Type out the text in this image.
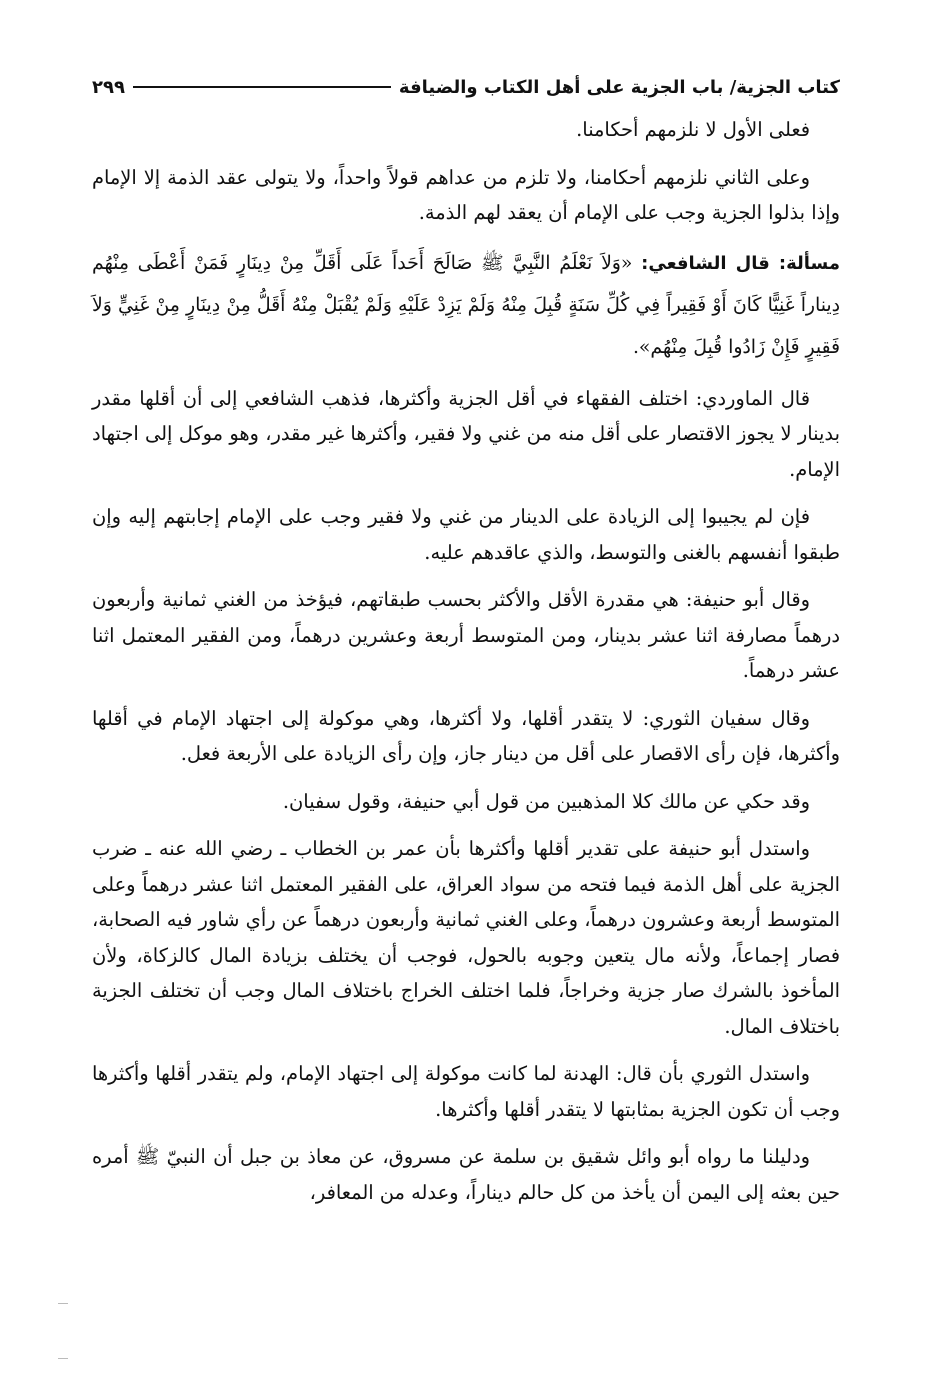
كتاب الجزية/ باب الجزية على أهل الكتاب والضيافة
٢٩٩

فعلى الأول لا نلزمهم أحكامنا.

وعلى الثاني نلزمهم أحكامنا، ولا تلزم من عداهم قولاً واحداً، ولا يتولى عقد الذمة إلا الإمام وإذا بذلوا الجزية وجب على الإمام أن يعقد لهم الذمة.

مسألة: قال الشافعي: «وَلاَ نَعْلَمُ النَّبِيَّ ﷺ صَالَحَ أَحَداً عَلَى أَقَلِّ مِنْ دِينَارٍ فَمَنْ أَعْطَى مِنْهُم دِيناراً غَنِيًّا كَانَ أَوْ فَقِيراً فِي كُلِّ سَنَةٍ قُبِلَ مِنْهُ وَلَمْ يَزِدْ عَلَيْهِ وَلَمْ يُقْبَلْ مِنْهُ أَقَلُّ مِنْ دِينَارٍ مِنْ غَنِيٍّ وَلاَ فَقِيرٍ فَإِنْ زَادُوا قُبِلَ مِنْهُم».

قال الماوردي: اختلف الفقهاء في أقل الجزية وأكثرها، فذهب الشافعي إلى أن أقلها مقدر بدينار لا يجوز الاقتصار على أقل منه من غني ولا فقير، وأكثرها غير مقدر، وهو موكل إلى اجتهاد الإمام.

فإن لم يجيبوا إلى الزيادة على الدينار من غني ولا فقير وجب على الإمام إجابتهم إليه وإن طبقوا أنفسهم بالغنى والتوسط، والذي عاقدهم عليه.

وقال أبو حنيفة: هي مقدرة الأقل والأكثر بحسب طبقاتهم، فيؤخذ من الغني ثمانية وأربعون درهماً مصارفة اثنا عشر بدينار، ومن المتوسط أربعة وعشرين درهماً، ومن الفقير المعتمل اثنا عشر درهماً.

وقال سفيان الثوري: لا يتقدر أقلها، ولا أكثرها، وهي موكولة إلى اجتهاد الإمام في أقلها وأكثرها، فإن رأى الاقصار على أقل من دينار جاز، وإن رأى الزيادة على الأربعة فعل.

وقد حكي عن مالك كلا المذهبين من قول أبي حنيفة، وقول سفيان.

واستدل أبو حنيفة على تقدير أقلها وأكثرها بأن عمر بن الخطاب ـ رضي الله عنه ـ ضرب الجزية على أهل الذمة فيما فتحه من سواد العراق، على الفقير المعتمل اثنا عشر درهماً وعلى المتوسط أربعة وعشرون درهماً، وعلى الغني ثمانية وأربعون درهماً عن رأي شاور فيه الصحابة، فصار إجماعاً، ولأنه مال يتعين وجوبه بالحول، فوجب أن يختلف بزيادة المال كالزكاة، ولأن المأخوذ بالشرك صار جزية وخراجاً، فلما اختلف الخراج باختلاف المال وجب أن تختلف الجزية باختلاف المال.

واستدل الثوري بأن قال: الهدنة لما كانت موكولة إلى اجتهاد الإمام، ولم يتقدر أقلها وأكثرها وجب أن تكون الجزية بمثابتها لا يتقدر أقلها وأكثرها.

ودليلنا ما رواه أبو وائل شقيق بن سلمة عن مسروق، عن معاذ بن جبل أن النبيّ ﷺ أمره حين بعثه إلى اليمن أن يأخذ من كل حالم ديناراً، وعدله من المعافر،
